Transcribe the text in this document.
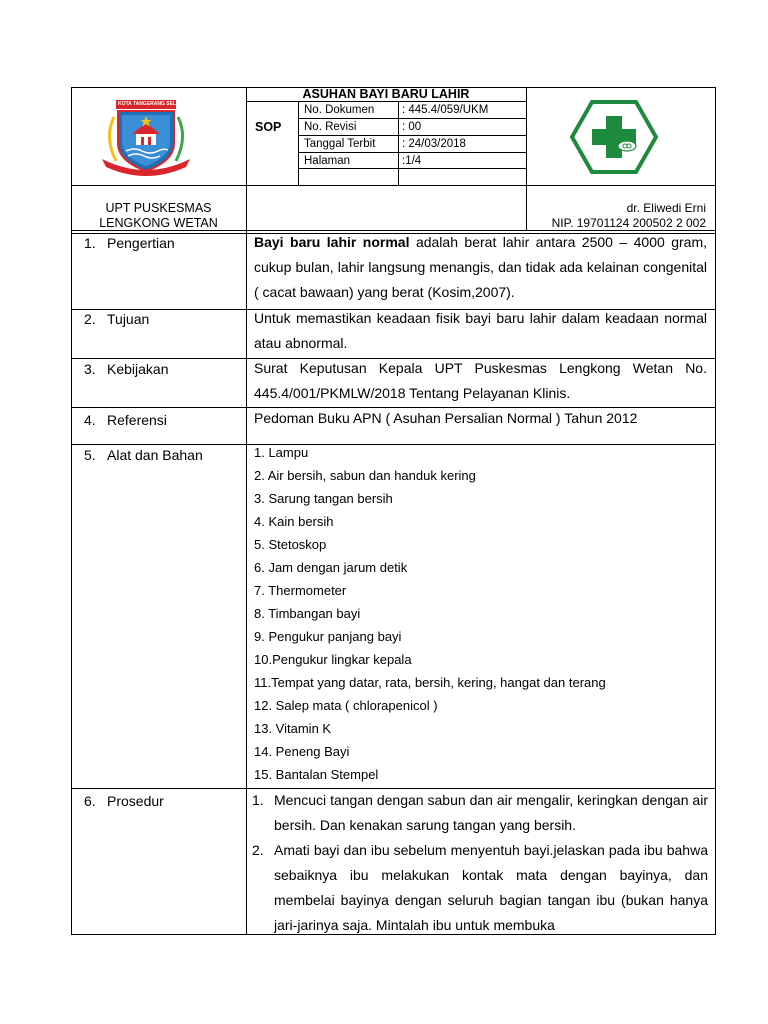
KOTA TANGERANG SELATAN
ASUHAN BAYI BARU LAHIR
SOP
No. Dokumen : 445.4/059/UKM
No. Revisi	: 00
Tanggal Terbit : 24/03/2018
Halaman	:1/4
UPT PUSKESMAS
LENGKONG WETAN
dr. Eliwedi Erni
NIP. 19701124 200502 2 002
1. Pengertian
2. Tujuan
3. Kebijakan
4. Referensi
5. Alat dan Bahan
6. Prosedur
Bayi baru lahir normal adalah berat lahir antara 2500 – 4000 gram, cukup bulan, lahir langsung menangis, dan tidak ada kelainan congenital ( cacat bawaan) yang berat (Kosim,2007).
Untuk memastikan keadaan fisik bayi baru lahir dalam keadaan normal atau abnormal.
Surat Keputusan Kepala UPT Puskesmas Lengkong Wetan No. 445.4/001/PKMLW/2018 Tentang Pelayanan Klinis.
Pedoman Buku APN ( Asuhan Persalian Normal ) Tahun 2012
1. Lampu
2. Air bersih, sabun dan handuk kering
3. Sarung tangan bersih
4. Kain bersih
5. Stetoskop
6. Jam dengan jarum detik
7. Thermometer
8. Timbangan bayi
9. Pengukur panjang bayi
10.Pengukur lingkar kepala
11.Tempat yang datar, rata, bersih, kering, hangat dan terang
12. Salep mata ( chlorapenicol )
13. Vitamin K
14. Peneng Bayi
15. Bantalan Stempel
1. Mencuci tangan dengan sabun dan air mengalir, keringkan dengan air bersih. Dan kenakan sarung tangan yang bersih.
2. Amati bayi dan ibu sebelum menyentuh bayi.jelaskan pada ibu bahwa sebaiknya ibu melakukan kontak mata dengan bayinya, dan membelai bayinya dengan seluruh bagian tangan ibu (bukan hanya jari-jarinya saja. Mintalah ibu untuk membuka
